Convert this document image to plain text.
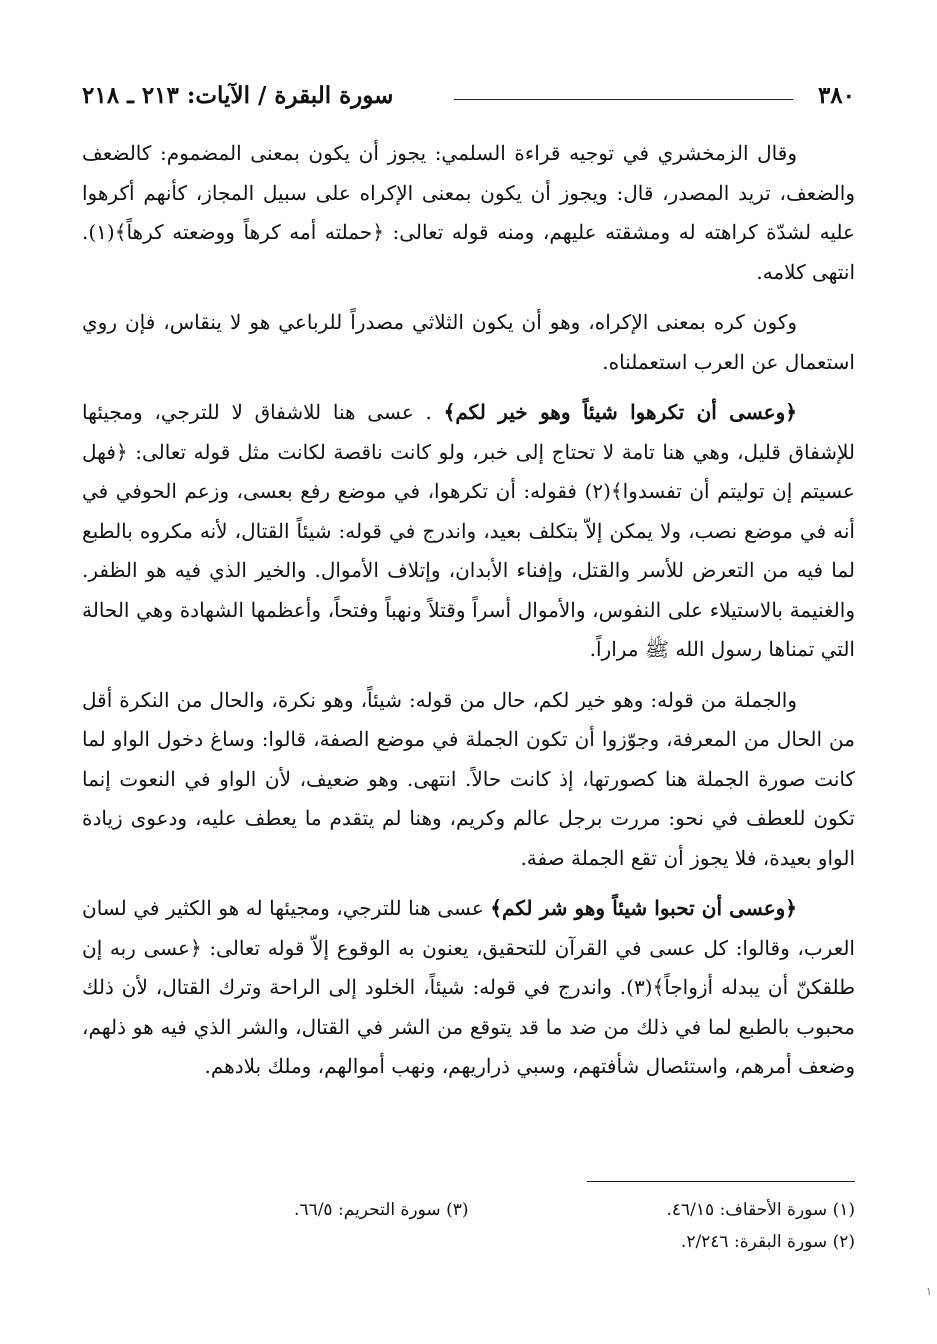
٣٨٠
سورة البقرة / الآيات: ٢١٣ ـ ٢١٨

وقال الزمخشري في توجيه قراءة السلمي: يجوز أن يكون بمعنى المضموم: كالضعف والضعف، تريد المصدر، قال: ويجوز أن يكون بمعنى الإكراه على سبيل المجاز، كأنهم أكرهوا عليه لشدّة كراهته له ومشقته عليهم، ومنه قوله تعالى: ﴿حملته أمه كرهاً ووضعته كرهاً﴾(١). انتهى كلامه.

وكون كره بمعنى الإكراه، وهو أن يكون الثلاثي مصدراً للرباعي هو لا ينقاس، فإن روي استعمال عن العرب استعملناه.

﴿وعسى أن تكرهوا شيئاً وهو خير لكم﴾ . عسى هنا للاشفاق لا للترجي، ومجيئها للإشفاق قليل، وهي هنا تامة لا تحتاج إلى خبر، ولو كانت ناقصة لكانت مثل قوله تعالى: ﴿فهل عسيتم إن توليتم أن تفسدوا﴾(٢) فقوله: أن تكرهوا، في موضع رفع بعسى، وزعم الحوفي في أنه في موضع نصب، ولا يمكن إلاّ بتكلف بعيد، واندرج في قوله: شيئاً القتال، لأنه مكروه بالطبع لما فيه من التعرض للأسر والقتل، وإفناء الأبدان، وإتلاف الأموال. والخير الذي فيه هو الظفر. والغنيمة بالاستيلاء على النفوس، والأموال أسراً وقتلاً ونهباً وفتحاً، وأعظمها الشهادة وهي الحالة التي تمناها رسول الله ﷺ مراراً.

والجملة من قوله: وهو خير لكم، حال من قوله: شيئاً، وهو نكرة، والحال من النكرة أقل من الحال من المعرفة، وجوّزوا أن تكون الجملة في موضع الصفة، قالوا: وساغ دخول الواو لما كانت صورة الجملة هنا كصورتها، إذ كانت حالاً. انتهى. وهو ضعيف، لأن الواو في النعوت إنما تكون للعطف في نحو: مررت برجل عالم وكريم، وهنا لم يتقدم ما يعطف عليه، ودعوى زيادة الواو بعيدة، فلا يجوز أن تقع الجملة صفة.

﴿وعسى أن تحبوا شيئاً وهو شر لكم﴾ عسى هنا للترجي، ومجيئها له هو الكثير في لسان العرب، وقالوا: كل عسى في القرآن للتحقيق، يعنون به الوقوع إلاّ قوله تعالى: ﴿عسى ربه إن طلقكنّ أن يبدله أزواجاً﴾(٣). واندرج في قوله: شيئاً، الخلود إلى الراحة وترك القتال، لأن ذلك محبوب بالطبع لما في ذلك من ضد ما قد يتوقع من الشر في القتال، والشر الذي فيه هو ذلهم، وضعف أمرهم، واستئصال شأفتهم، وسبي ذراريهم، ونهب أموالهم، وملك بلادهم.

(١) سورة الأحقاف: ٤٦/١٥.
(٢) سورة البقرة: ٢/٢٤٦.
(٣) سورة التحريم: ٦٦/٥.
١
